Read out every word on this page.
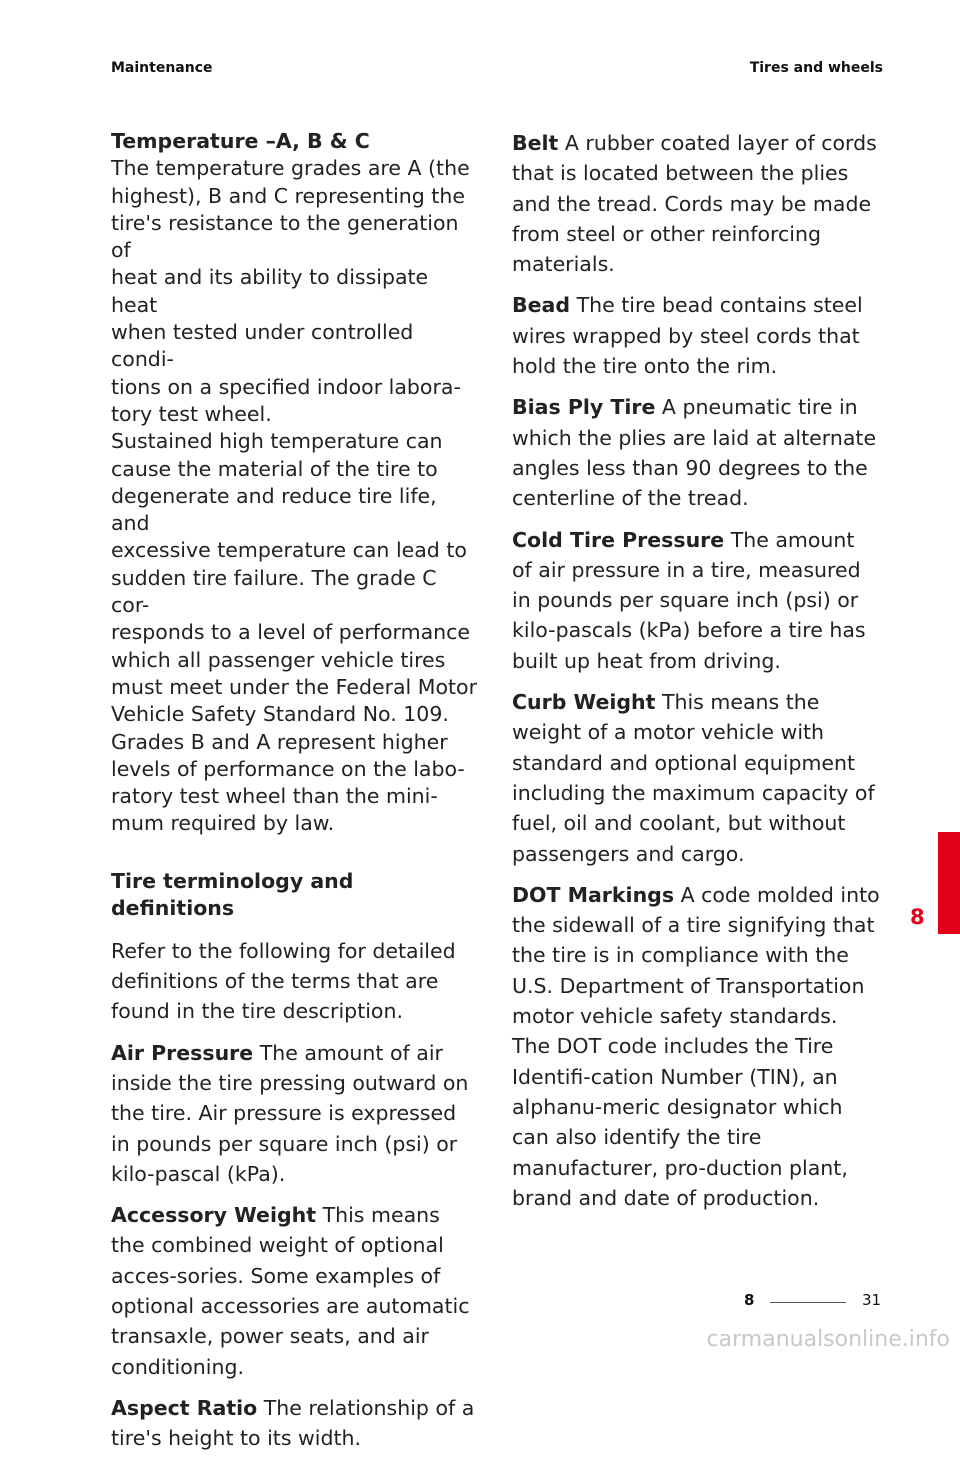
Maintenance	Tires and wheels
Temperature –A, B & C

The temperature grades are A (the

highest), B and C representing the

tire's resistance to the generation of

heat and its ability to dissipate heat

when tested under controlled condi-

tions on a specified indoor labora-

tory test wheel.

Sustained high temperature can

cause the material of the tire to

degenerate and reduce tire life, and

excessive temperature can lead to

sudden tire failure. The grade C cor-

responds to a level of performance

which all passenger vehicle tires

must meet under the Federal Motor

Vehicle Safety Standard No. 109.

Grades B and A represent higher

levels of performance on the labo-

ratory test wheel than the mini-

mum required by law.

Tire terminology and definitions

Refer to the following for detailed definitions of the terms that are found in the tire description.

Air Pressure The amount of air inside the tire pressing outward on the tire. Air pressure is expressed in pounds per square inch (psi) or kilo-pascal (kPa).

Accessory Weight This means the combined weight of optional acces-sories. Some examples of optional accessories are automatic transaxle, power seats, and air conditioning.

Aspect Ratio The relationship of a tire's height to its width.

Belt A rubber coated layer of cords that is located between the plies and the tread. Cords may be made from steel or other reinforcing materials.

Bead The tire bead contains steel wires wrapped by steel cords that hold the tire onto the rim.

Bias Ply Tire A pneumatic tire in which the plies are laid at alternate angles less than 90 degrees to the centerline of the tread.

Cold Tire Pressure The amount of air pressure in a tire, measured in pounds per square inch (psi) or kilo-pascals (kPa) before a tire has built up heat from driving.

Curb Weight This means the weight of a motor vehicle with standard and optional equipment including the maximum capacity of fuel, oil and coolant, but without passengers and cargo.

DOT Markings A code molded into the sidewall of a tire signifying that the tire is in compliance with the U.S. Department of Transportation motor vehicle safety standards. The DOT code includes the Tire Identifi-cation Number (TIN), an alphanu-meric designator which can also identify the tire manufacturer, pro-duction plant, brand and date of production.

8
8	31
carmanualsonline.info
